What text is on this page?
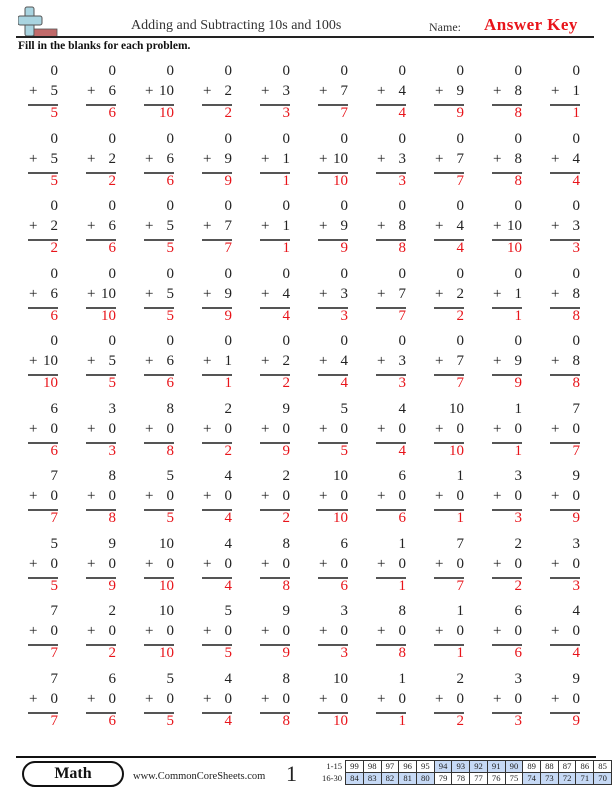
Adding and Subtracting 10s and 100s	Name: Answer Key
Fill in the blanks for each problem.
0
+ 5
5
0
+ 6
6
0
+ 10
10
0
+ 2
2
0
+ 3
3
0
+ 7
7
0
+ 4
4
0
+ 9
9
0
+ 8
8
0
+ 1
1
0
+ 5
5
0
+ 2
2
0
+ 6
6
0
+ 9
9
0
+ 1
1
0
+ 10
10
0
+ 3
3
0
+ 7
7
0
+ 8
8
0
+ 4
4
0
+ 2
2
0
+ 6
6
0
+ 5
5
0
+ 7
7
0
+ 1
1
0
+ 9
9
0
+ 8
8
0
+ 4
4
0
+ 10
10
0
+ 3
3
0
+ 6
6
0
+ 10
10
0
+ 5
5
0
+ 9
9
0
+ 4
4
0
+ 3
3
0
+ 7
7
0
+ 2
2
0
+ 1
1
0
+ 8
8
0
+ 10
10
0
+ 5
5
0
+ 6
6
0
+ 1
1
0
+ 2
2
0
+ 4
4
0
+ 3
3
0
+ 7
7
0
+ 9
9
0
+ 8
8
6
+ 0
6
3
+ 0
3
8
+ 0
8
2
+ 0
2
9
+ 0
9
5
+ 0
5
4
+ 0
4
10
+ 0
10
1
+ 0
1
7
+ 0
7
7
+ 0
7
8
+ 0
8
5
+ 0
5
4
+ 0
4
2
+ 0
2
10
+ 0
10
6
+ 0
6
1
+ 0
1
3
+ 0
3
9
+ 0
9
5
+ 0
5
9
+ 0
9
10
+ 0
10
4
+ 0
4
8
+ 0
8
6
+ 0
6
1
+ 0
1
7
+ 0
7
2
+ 0
2
3
+ 0
3
7
+ 0
7
2
+ 0
2
10
+ 0
10
5
+ 0
5
9
+ 0
9
3
+ 0
3
8
+ 0
8
1
+ 0
1
6
+ 0
6
4
+ 0
4
7
+ 0
7
6
+ 0
6
5
+ 0
5
4
+ 0
4
8
+ 0
8
10
+ 0
10
1
+ 0
1
2
+ 0
2
3
+ 0
3
9
+ 0
9
Math	www.CommonCoreSheets.com 1	1-15	99	98	97	96	95	94	93	92	91	90	89	88	87	86	85
16-30	84	83	82	81	80	79	78	77	76	75	74	73	72	71	70
